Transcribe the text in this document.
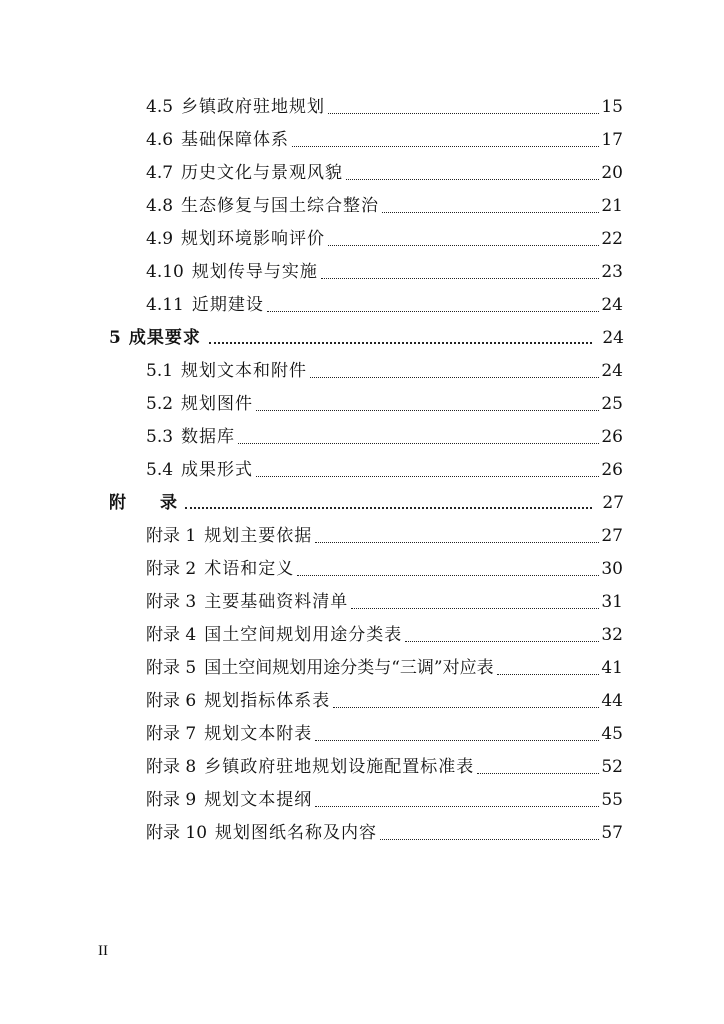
4.5 乡镇政府驻地规划	15
4.6 基础保障体系	17
4.7 历史文化与景观风貌	20
4.8 生态修复与国土综合整治	21
4.9 规划环境影响评价	22
4.10 规划传导与实施	23
4.11 近期建设	24
5 成果要求	24
5.1 规划文本和附件	24
5.2 规划图件	25
5.3 数据库	26
5.4 成果形式	26
附 录	27
附录 1 规划主要依据	27
附录 2 术语和定义	30
附录 3 主要基础资料清单	31
附录 4 国土空间规划用途分类表	32
附录 5 国土空间规划用途分类与“三调”对应表	41
附录 6 规划指标体系表	44
附录 7 规划文本附表	45
附录 8 乡镇政府驻地规划设施配置标准表	52
附录 9 规划文本提纲	55
附录 10 规划图纸名称及内容	57
II
